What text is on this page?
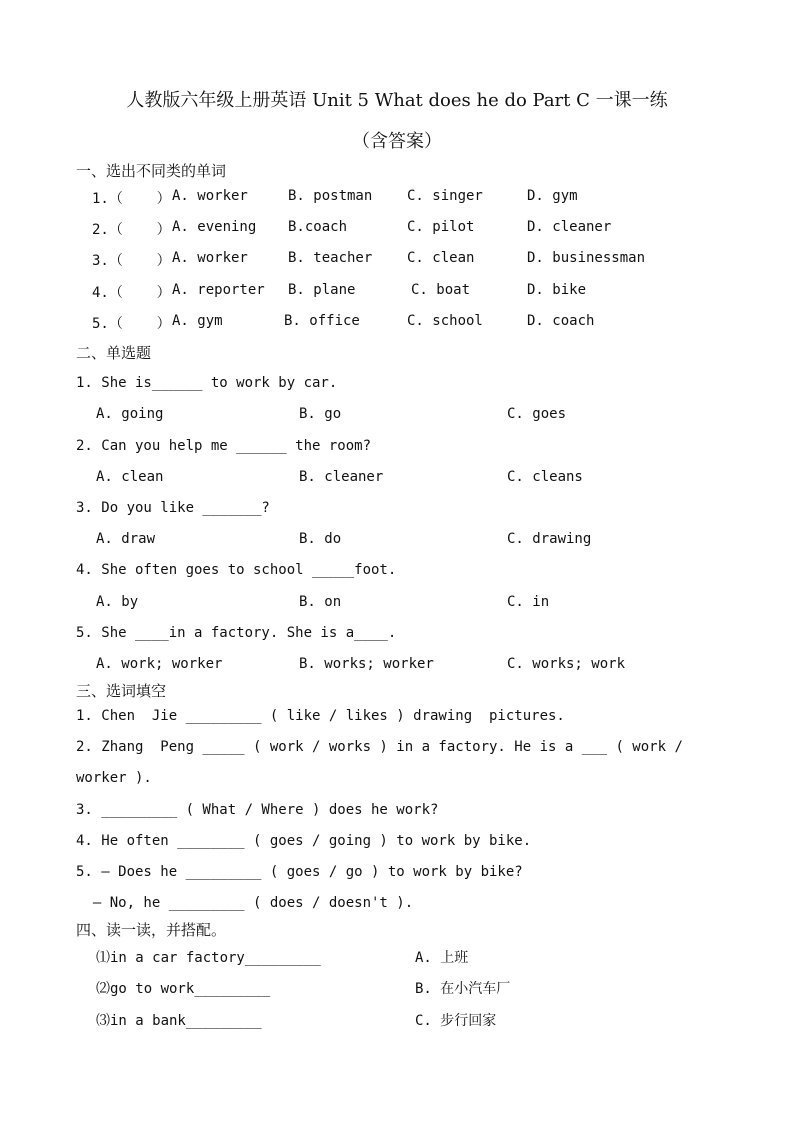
人教版六年级上册英语 Unit 5 What does he do Part C 一课一练
（含答案）
一、选出不同类的单词
1.（    ） A. worker	B. postman C. singer	D. gym
2.（    ） A. evening B.coach	C. pilot	D. cleaner
3.（    ） A. worker	B. teacher C. clean	D. businessman
4.（    ） A. reporter B. plane	C. boat	D. bike
5.（    ） A. gym	B. office	C. school	D. coach
二、单选题
1. She is______ to work by car.
A. going	B. go	C. goes
2. Can you help me ______ the room?
A. clean	B. cleaner	C. cleans
3. Do you like _______?
A. draw	B. do	C. drawing
4. She often goes to school _____foot.
A. by	B. on	C. in
5. She ____in a factory. She is a____.
A. work; worker	B. works; worker	C. works; work
三、选词填空
1. Chen  Jie _________ ( like / likes ) drawing  pictures.
2. Zhang  Peng _____ ( work / works ) in a factory. He is a ___ ( work /
worker ).
3. _________ ( What / Where ) does he work?
4. He often ________ ( goes / going ) to work by bike.
5. — Does he _________ ( goes / go ) to work by bike?
— No, he _________ ( does / doesn't ).
四、读一读，并搭配。
⑴in a car factory_________	A. 上班
⑵go to work_________	B. 在小汽车厂
⑶in a bank_________	C. 步行回家
